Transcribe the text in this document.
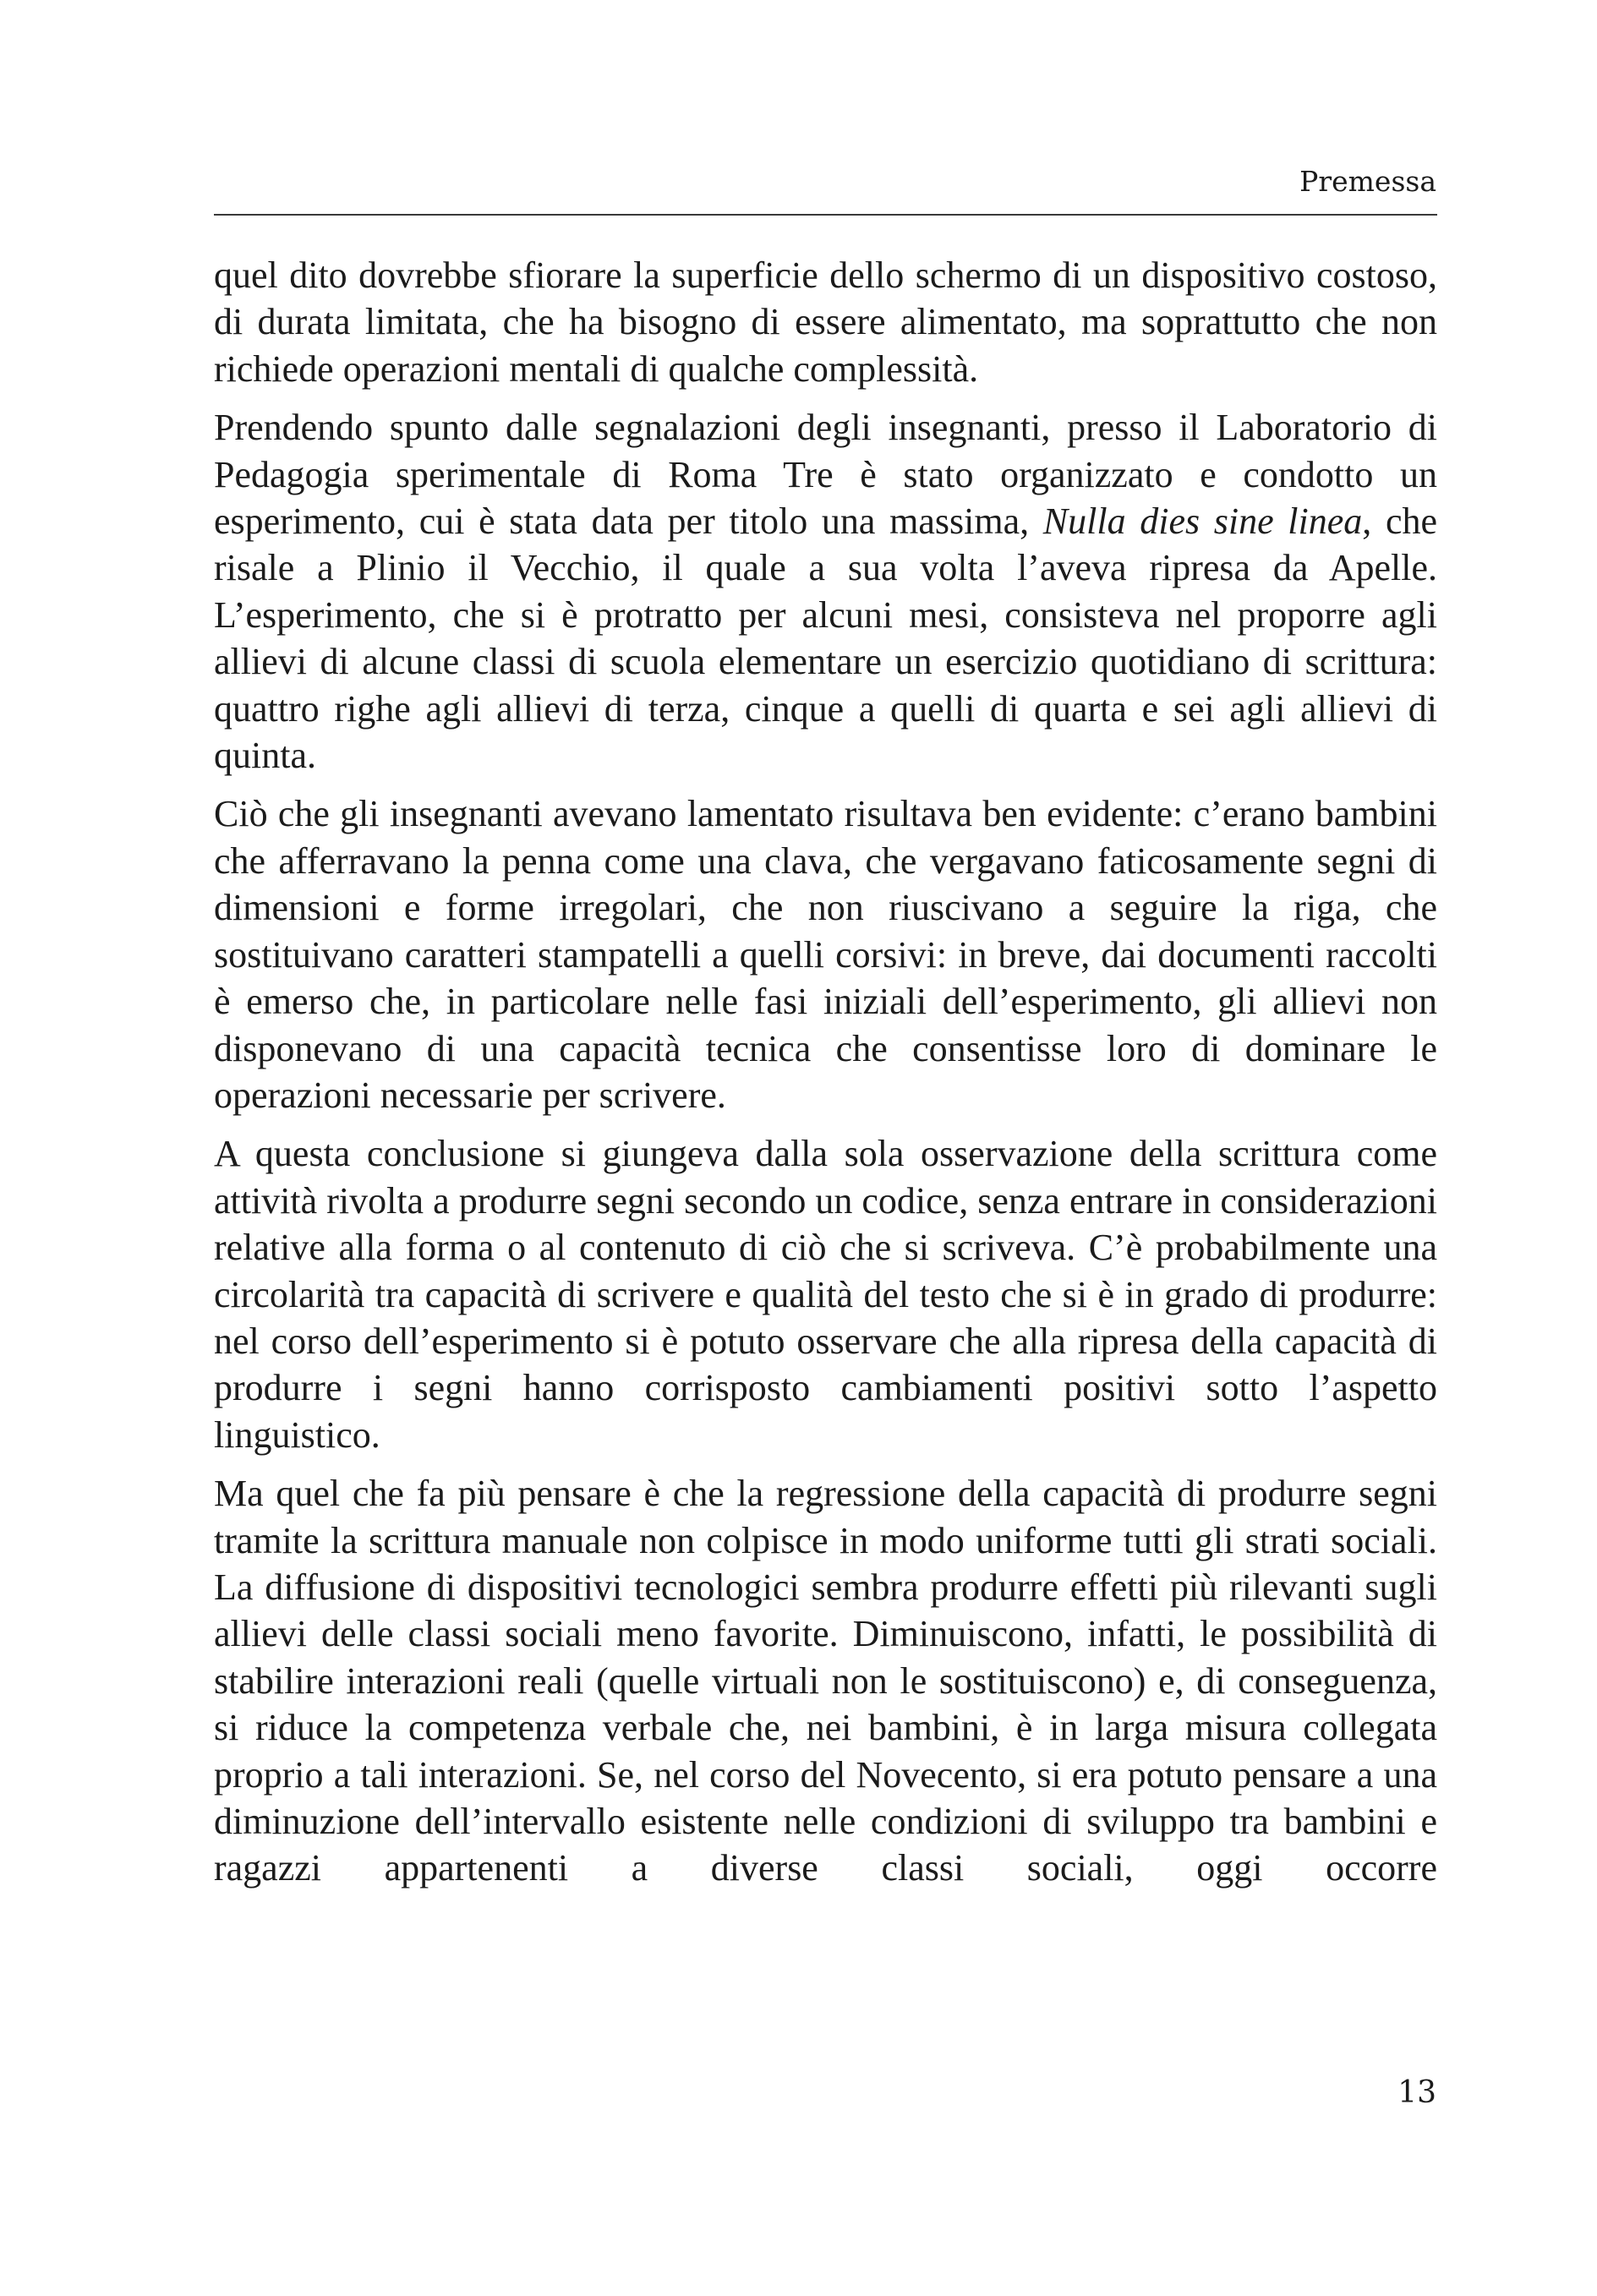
Premessa

quel dito dovrebbe sfiorare la superficie dello schermo di un dispositivo costoso, di durata limitata, che ha bisogno di essere alimentato, ma soprattutto che non richiede operazioni mentali di qualche complessità.

Prendendo spunto dalle segnalazioni degli insegnanti, presso il Laboratorio di Pedagogia sperimentale di Roma Tre è stato organizzato e condotto un esperimento, cui è stata data per titolo una massima, Nulla dies sine linea, che risale a Plinio il Vecchio, il quale a sua volta l’aveva ripresa da Apelle. L’esperimento, che si è protratto per alcuni mesi, consisteva nel proporre agli allievi di alcune classi di scuola elementare un esercizio quotidiano di scrittura: quattro righe agli allievi di terza, cinque a quelli di quarta e sei agli allievi di quinta.

Ciò che gli insegnanti avevano lamentato risultava ben evidente: c’erano bambini che afferravano la penna come una clava, che vergavano faticosamente segni di dimensioni e forme irregolari, che non riuscivano a seguire la riga, che sostituivano caratteri stampatelli a quelli corsivi: in breve, dai documenti raccolti è emerso che, in particolare nelle fasi iniziali dell’esperimento, gli allievi non disponevano di una capacità tecnica che consentisse loro di dominare le operazioni necessarie per scrivere.

A questa conclusione si giungeva dalla sola osservazione della scrittura come attività rivolta a produrre segni secondo un codice, senza entrare in considerazioni relative alla forma o al contenuto di ciò che si scriveva. C’è probabilmente una circolarità tra capacità di scrivere e qualità del testo che si è in grado di produrre: nel corso dell’esperimento si è potuto osservare che alla ripresa della capacità di produrre i segni hanno corrisposto cambiamenti positivi sotto l’aspetto linguistico.

Ma quel che fa più pensare è che la regressione della capacità di produrre segni tramite la scrittura manuale non colpisce in modo uniforme tutti gli strati sociali. La diffusione di dispositivi tecnologici sembra produrre effetti più rilevanti sugli allievi delle classi sociali meno favorite. Diminuiscono, infatti, le possibilità di stabilire interazioni reali (quelle virtuali non le sostituiscono) e, di conseguenza, si riduce la competenza verbale che, nei bambini, è in larga misura collegata proprio a tali interazioni. Se, nel corso del Novecento, si era potuto pensare a una diminuzione dell’intervallo esistente nelle condizioni di sviluppo tra bambini e ragazzi appartenenti a diverse classi sociali, oggi occorre

13
